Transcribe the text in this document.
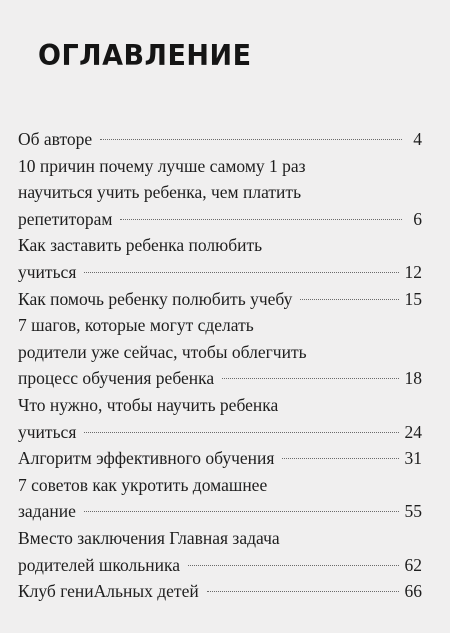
ОГЛАВЛЕНИЕ
Об автоpe	4
10 причин почему лучше самому 1 раз
научиться учить ребенка, чем платить
репетиторам	6
Как заставить ребенка полюбить
учиться	12
Как помочь ребенку полюбить учебу	15
7 шагов, которые могут сделать
родители уже сейчас, чтобы облегчить
процесс обучения ребенка	18
Что нужно, чтобы научить ребенка
учиться	24
Алгоритм эффективного обучения	31
7 советов как укротить домашнее
задание	55
Вместо заключения Главная задача
родителей школьника	62
Клуб гениАльных детей	66
